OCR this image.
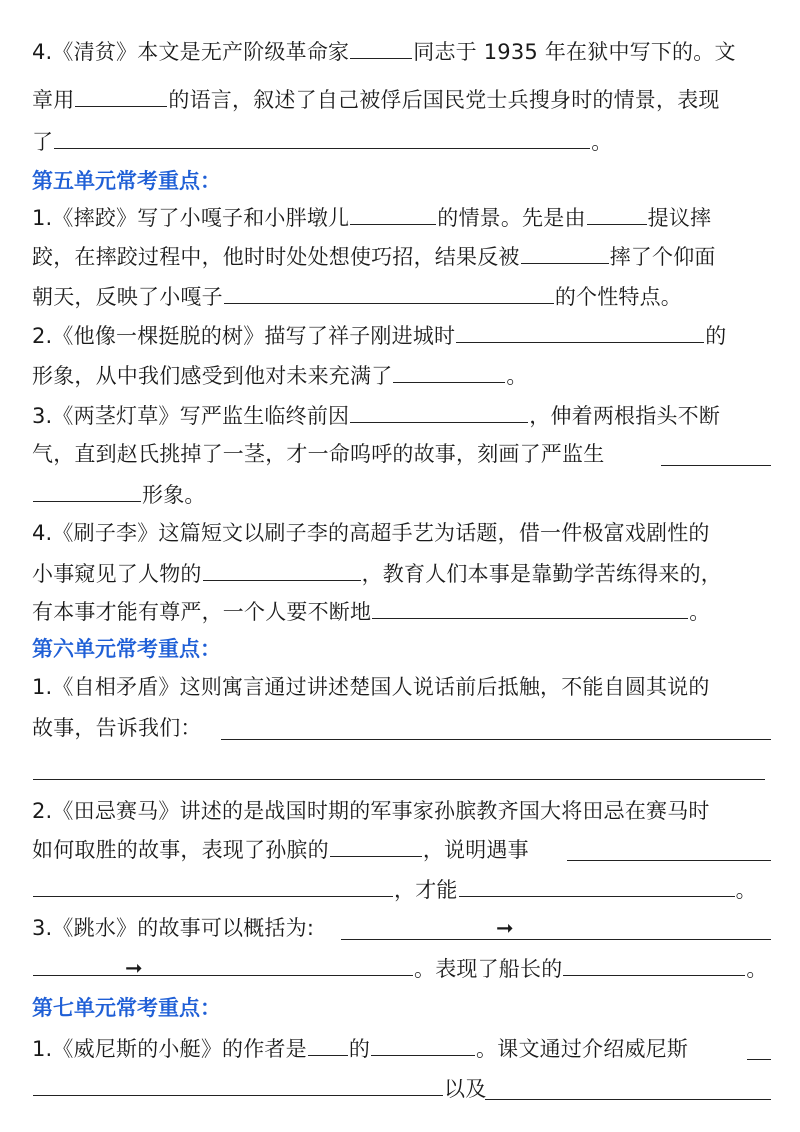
4.《清贫》本文是无产阶级革命家	同志于 1935 年在狱中写下的。文
章用	的语言，叙述了自己被俘后国民党士兵搜身时的情景，表现
了	。
第五单元常考重点：
1.《摔跤》写了小嘎子和小胖墩儿	的情景。先是由	提议摔
跤，在摔跤过程中，他时时处处想使巧招，结果反被	摔了个仰面
朝天，反映了小嘎子	的个性特点。
2.《他像一棵挺脱的树》描写了祥子刚进城时	的
形象，从中我们感受到他对未来充满了	。
3.《两茎灯草》写严监生临终前因	，伸着两根指头不断
气，直到赵氏挑掉了一茎，才一命呜呼的故事，刻画了严监生
形象。
4.《刷子李》这篇短文以刷子李的高超手艺为话题，借一件极富戏剧性的
小事窥见了人物的	，教育人们本事是靠勤学苦练得来的，
有本事才能有尊严，一个人要不断地	。
第六单元常考重点：
1.《自相矛盾》这则寓言通过讲述楚国人说话前后抵触，不能自圆其说的
故事，告诉我们：
2.《田忌赛马》讲述的是战国时期的军事家孙膑教齐国大将田忌在赛马时
如何取胜的故事，表现了孙膑的	，说明遇事
，才能	。
3.《跳水》的故事可以概括为:	➞
➞	。表现了船长的	。
第七单元常考重点：
1.《威尼斯的小艇》的作者是 的	。课文通过介绍威尼斯
以及
